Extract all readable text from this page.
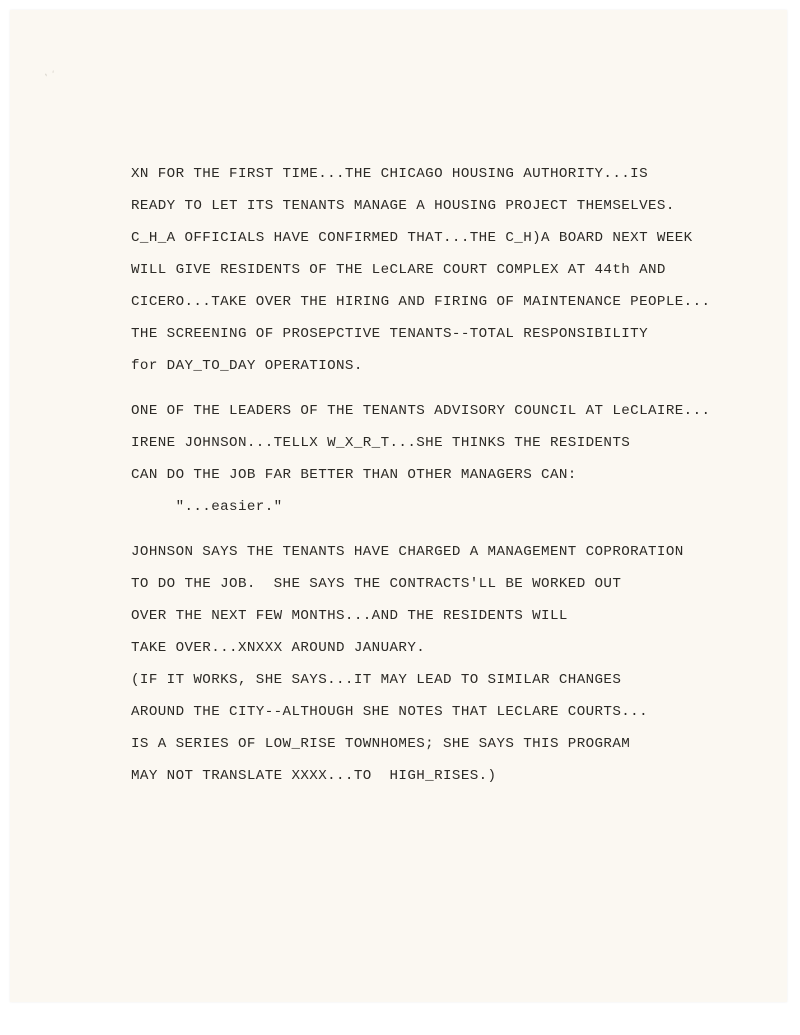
‚ ˏ
XN FOR THE FIRST TIME...THE CHICAGO HOUSING AUTHORITY...IS
READY TO LET ITS TENANTS MANAGE A HOUSING PROJECT THEMSELVES.
C_H_A OFFICIALS HAVE CONFIRMED THAT...THE C_H)A BOARD NEXT WEEK
WILL GIVE RESIDENTS OF THE LeCLARE COURT COMPLEX AT 44th AND
CICERO...TAKE OVER THE HIRING AND FIRING OF MAINTENANCE PEOPLE...
THE SCREENING OF PROSEPCTIVE TENANTS--TOTAL RESPONSIBILITY
for DAY_TO_DAY OPERATIONS.
ONE OF THE LEADERS OF THE TENANTS ADVISORY COUNCIL AT LeCLAIRE...
IRENE JOHNSON...TELLX W_X_R_T...SHE THINKS THE RESIDENTS
CAN DO THE JOB FAR BETTER THAN OTHER MANAGERS CAN:
"...easier."
JOHNSON SAYS THE TENANTS HAVE CHARGED A MANAGEMENT COPRORATION
TO DO THE JOB.  SHE SAYS THE CONTRACTS'LL BE WORKED OUT
OVER THE NEXT FEW MONTHS...AND THE RESIDENTS WILL
TAKE OVER...XNXXX AROUND JANUARY.
(IF IT WORKS, SHE SAYS...IT MAY LEAD TO SIMILAR CHANGES
AROUND THE CITY--ALTHOUGH SHE NOTES THAT LECLARE COURTS...
IS A SERIES OF LOW_RISE TOWNHOMES; SHE SAYS THIS PROGRAM
MAY NOT TRANSLATE XXXX...TO  HIGH_RISES.)
